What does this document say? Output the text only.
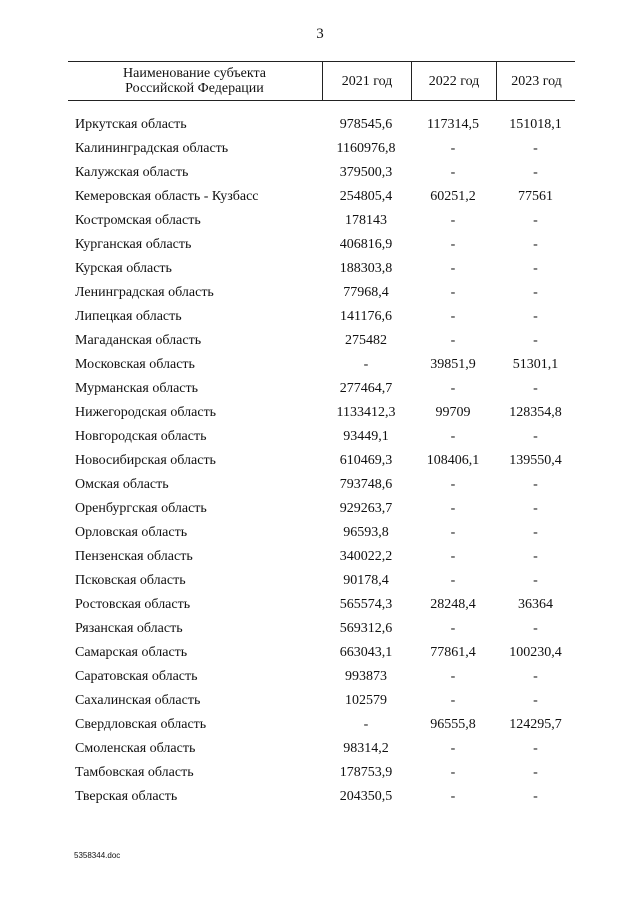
3
Наименование субъекта
Российской Федерации	2021 год	2022 год	2023 год
Иркутская область	978545,6	117314,5	151018,1
Калининградская область	1160976,8	-	-
Калужская область	379500,3	-	-
Кемеровская область - Кузбасс	254805,4	60251,2	77561
Костромская область	178143	-	-
Курганская область	406816,9	-	-
Курская область	188303,8	-	-
Ленинградская область	77968,4	-	-
Липецкая область	141176,6	-	-
Магаданская область	275482	-	-
Московская область	-	39851,9	51301,1
Мурманская область	277464,7	-	-
Нижегородская область	1133412,3	99709	128354,8
Новгородская область	93449,1	-	-
Новосибирская область	610469,3	108406,1	139550,4
Омская область	793748,6	-	-
Оренбургская область	929263,7	-	-
Орловская область	96593,8	-	-
Пензенская область	340022,2	-	-
Псковская область	90178,4	-	-
Ростовская область	565574,3	28248,4	36364
Рязанская область	569312,6	-	-
Самарская область	663043,1	77861,4	100230,4
Саратовская область	993873	-	-
Сахалинская область	102579	-	-
Свердловская область	-	96555,8	124295,7
Смоленская область	98314,2	-	-
Тамбовская область	178753,9	-	-
Тверская область	204350,5	-	-
5358344.doc
